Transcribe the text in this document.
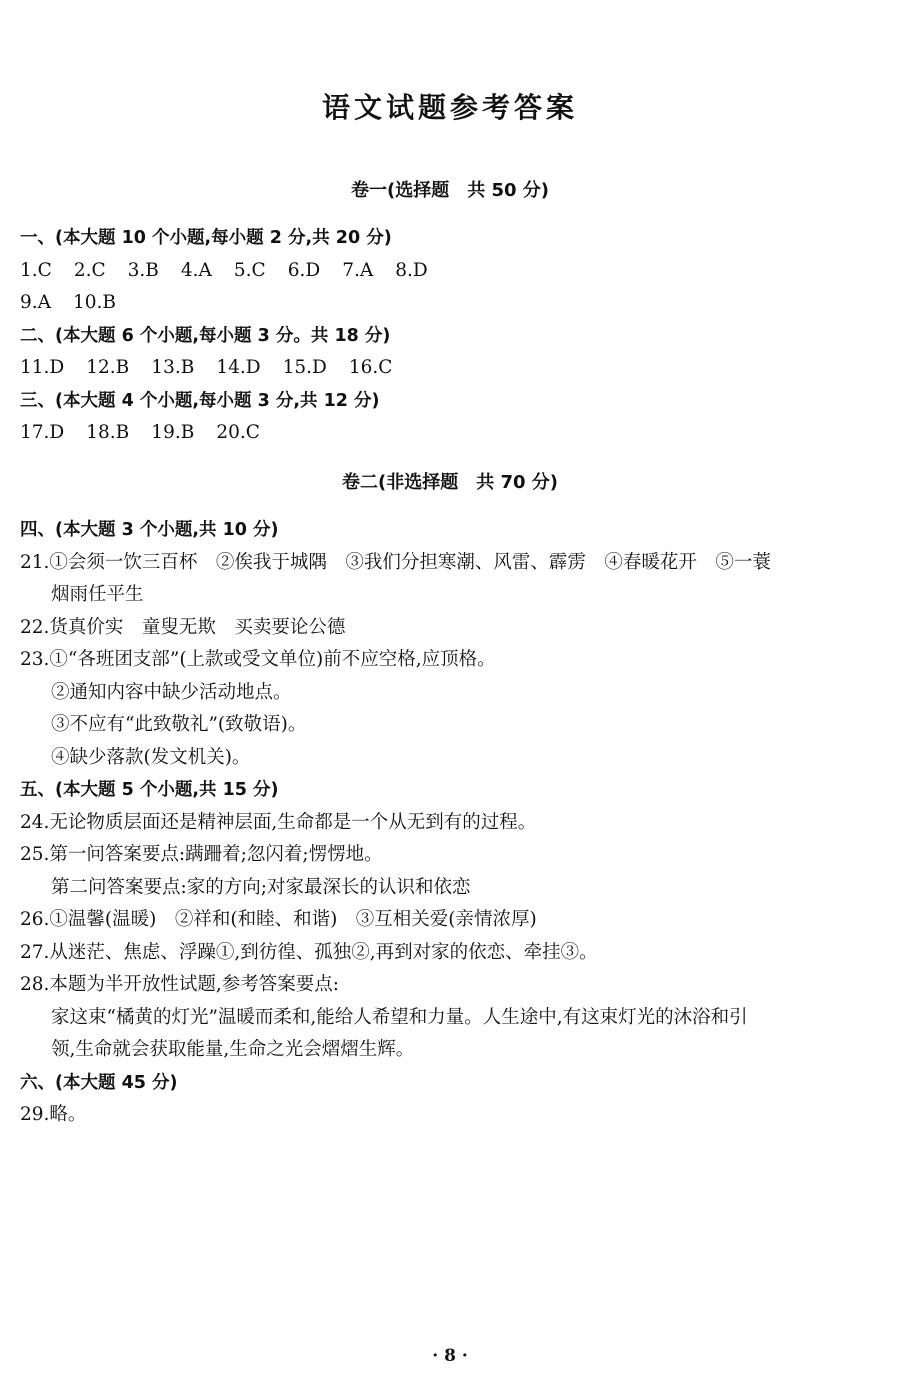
语文试题参考答案
卷一(选择题　共 50 分)
一、(本大题 10 个小题,每小题 2 分,共 20 分)
1.C 2.C 3.B 4.A 5.C 6.D 7.A 8.D
9.A 10.B
二、(本大题 6 个小题,每小题 3 分。共 18 分)
11.D 12.B 13.B 14.D 15.D 16.C
三、(本大题 4 个小题,每小题 3 分,共 12 分)
17.D 18.B 19.B 20.C
卷二(非选择题　共 70 分)
四、(本大题 3 个小题,共 10 分)
21.①会须一饮三百杯　②俟我于城隅　③我们分担寒潮、风雷、霹雳　④春暖花开　⑤一蓑
烟雨任平生
22.货真价实　童叟无欺　买卖要论公德
23.①“各班团支部”(上款或受文单位)前不应空格,应顶格。
②通知内容中缺少活动地点。
③不应有“此致敬礼”(致敬语)。
④缺少落款(发文机关)。
五、(本大题 5 个小题,共 15 分)
24.无论物质层面还是精神层面,生命都是一个从无到有的过程。
25.第一问答案要点:蹒跚着;忽闪着;愣愣地。
第二问答案要点:家的方向;对家最深长的认识和依恋
26.①温馨(温暖)　②祥和(和睦、和谐)　③互相关爱(亲情浓厚)
27.从迷茫、焦虑、浮躁①,到彷徨、孤独②,再到对家的依恋、牵挂③。
28.本题为半开放性试题,参考答案要点:
家这束“橘黄的灯光”温暖而柔和,能给人希望和力量。人生途中,有这束灯光的沐浴和引
领,生命就会获取能量,生命之光会熠熠生辉。
六、(本大题 45 分)
29.略。
· 8 ·
